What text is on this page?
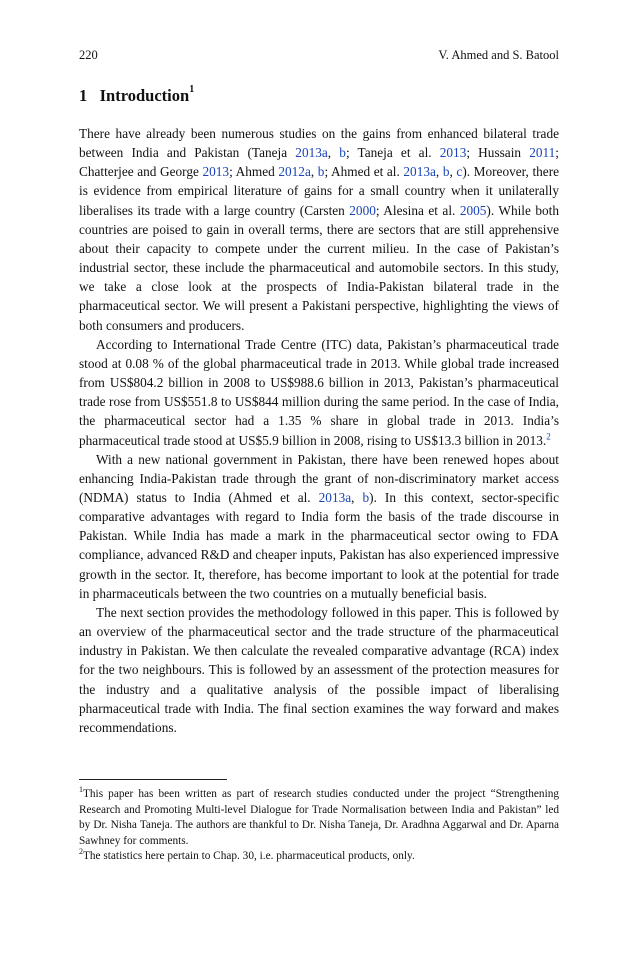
220	V. Ahmed and S. Batool
1 Introduction$^1$

There have already been numerous studies on the gains from enhanced bilateral trade between India and Pakistan (Taneja 2013a, b; Taneja et al. 2013; Hussain 2011; Chatterjee and George 2013; Ahmed 2012a, b; Ahmed et al. 2013a, b, c). Moreover, there is evidence from empirical literature of gains for a small country when it unilaterally liberalises its trade with a large country (Carsten 2000; Alesina et al. 2005). While both countries are poised to gain in overall terms, there are sectors that are still apprehensive about their capacity to compete under the current milieu. In the case of Pakistan’s industrial sector, these include the pharmaceutical and automobile sectors. In this study, we take a close look at the prospects of India-Pakistan bilateral trade in the pharmaceutical sector. We will present a Pakistani perspective, highlighting the views of both consumers and producers.

According to International Trade Centre (ITC) data, Pakistan’s pharmaceutical trade stood at 0.08 % of the global pharmaceutical trade in 2013. While global trade increased from US$804.2 billion in 2008 to US$988.6 billion in 2013, Pakistan’s pharmaceutical trade rose from US$551.8 to US$844 million during the same period. In the case of India, the pharmaceutical sector had a 1.35 % share in global trade in 2013. India’s pharmaceutical trade stood at US$5.9 billion in 2008, rising to US$13.3 billion in 2013.$^2$

With a new national government in Pakistan, there have been renewed hopes about enhancing India-Pakistan trade through the grant of non-discriminatory market access (NDMA) status to India (Ahmed et al. 2013a, b). In this context, sector-specific comparative advantages with regard to India form the basis of the trade discourse in Pakistan. While India has made a mark in the pharmaceutical sector owing to FDA compliance, advanced R&D and cheaper inputs, Pakistan has also experienced impressive growth in the sector. It, therefore, has become important to look at the potential for trade in pharmaceuticals between the two countries on a mutually beneficial basis.

The next section provides the methodology followed in this paper. This is followed by an overview of the pharmaceutical sector and the trade structure of the pharmaceutical industry in Pakistan. We then calculate the revealed comparative advantage (RCA) index for the two neighbours. This is followed by an assessment of the protection measures for the industry and a qualitative analysis of the possible impact of liberalising pharmaceutical trade with India. The final section examines the way forward and makes recommendations.

$^1$This paper has been written as part of research studies conducted under the project “Strengthening Research and Promoting Multi-level Dialogue for Trade Normalisation between India and Pakistan” led by Dr. Nisha Taneja. The authors are thankful to Dr. Nisha Taneja, Dr. Aradhna Aggarwal and Dr. Aparna Sawhney for comments.

$^2$The statistics here pertain to Chap. 30, i.e. pharmaceutical products, only.
